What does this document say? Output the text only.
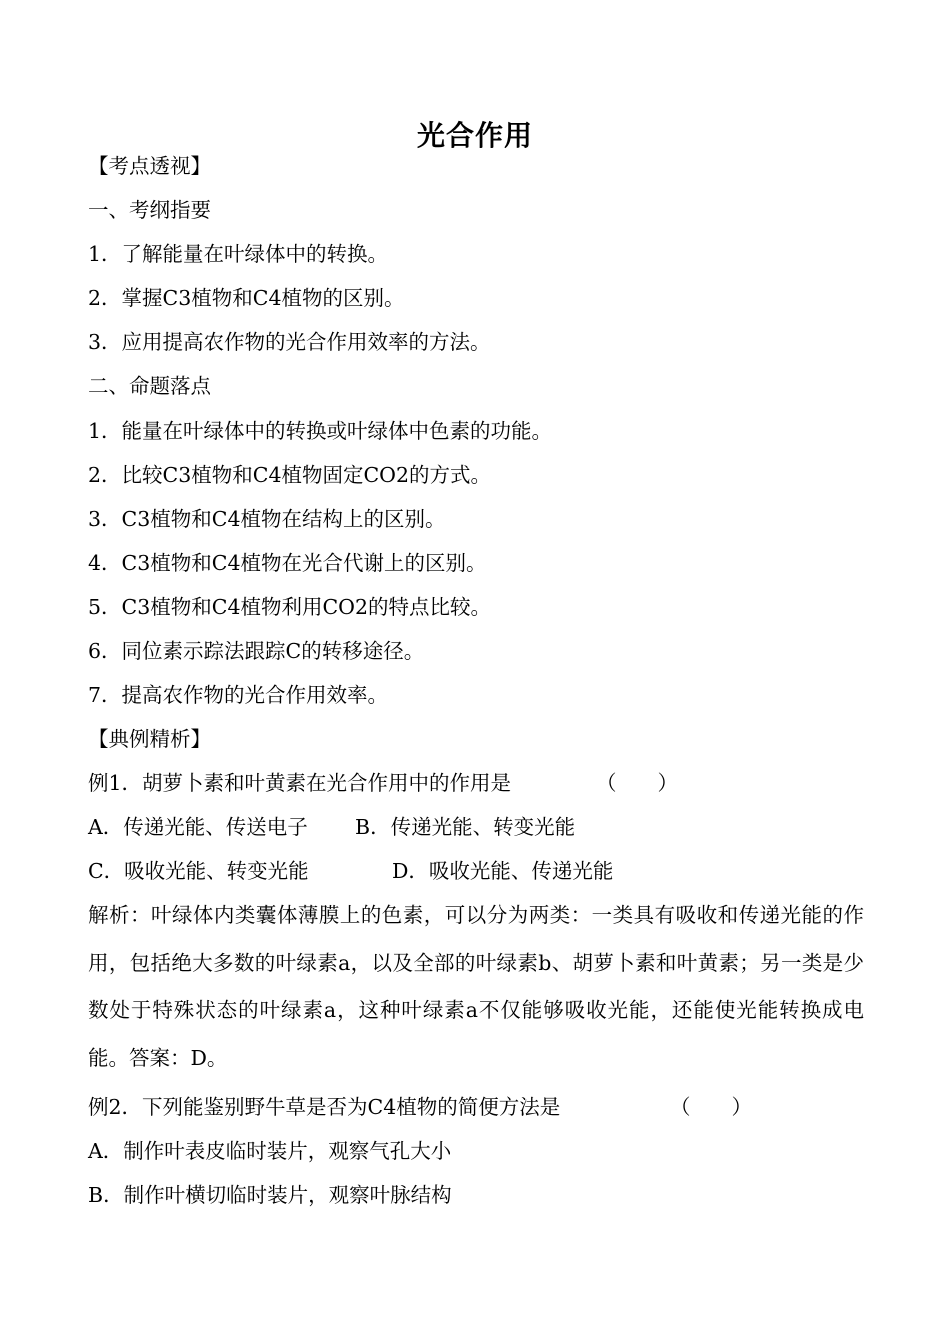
光合作用
【考点透视】
一、考纲指要
1．了解能量在叶绿体中的转换。
2．掌握C3植物和C4植物的区别。
3．应用提高农作物的光合作用效率的方法。
二、命题落点
1．能量在叶绿体中的转换或叶绿体中色素的功能。
2．比较C3植物和C4植物固定CO2的方式。
3．C3植物和C4植物在结构上的区别。
4．C3植物和C4植物在光合代谢上的区别。
5．C3植物和C4植物利用CO2的特点比较。
6．同位素示踪法跟踪C的转移途径。
7．提高农作物的光合作用效率。
【典例精析】
例1．胡萝卜素和叶黄素在光合作用中的作用是	（　　）
A．传递光能、传送电子 B．传递光能、转变光能
C．吸收光能、转变光能	D．吸收光能、传递光能
解析：叶绿体内类囊体薄膜上的色素，可以分为两类：一类具有吸收和传递光能的作用，包括绝大多数的叶绿素a，以及全部的叶绿素b、胡萝卜素和叶黄素；另一类是少数处于特殊状态的叶绿素a，这种叶绿素a不仅能够吸收光能，还能使光能转换成电能。答案：D。
例2．下列能鉴别野牛草是否为C4植物的简便方法是	（　　）
A．制作叶表皮临时装片，观察气孔大小
B．制作叶横切临时装片，观察叶脉结构
